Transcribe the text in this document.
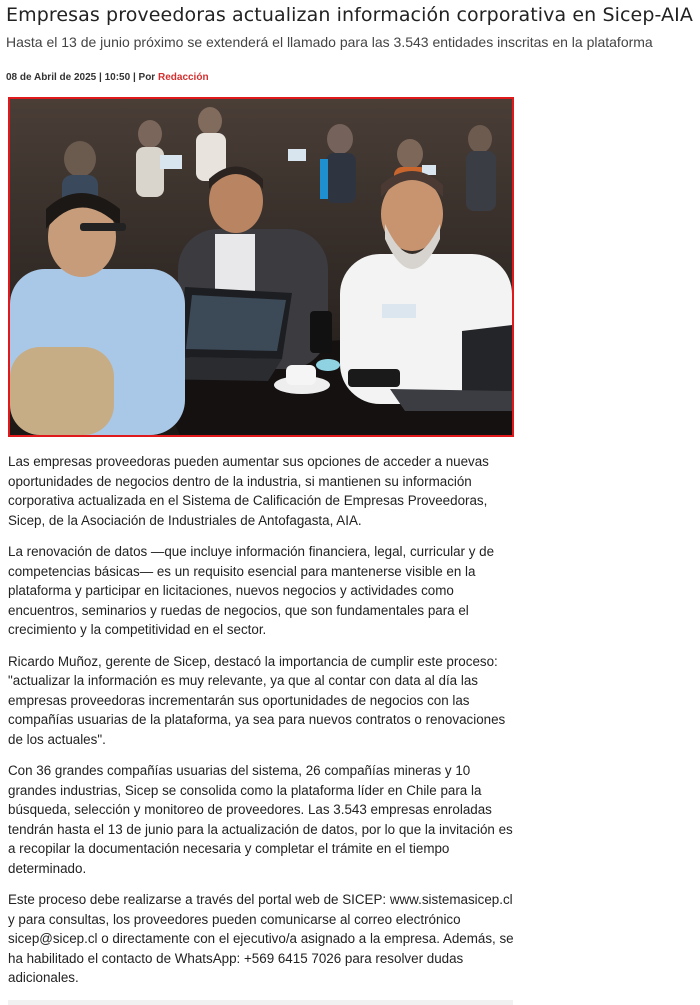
Empresas proveedoras actualizan información corporativa en Sicep-AIA

Hasta el 13 de junio próximo se extenderá el llamado para las 3.543 entidades inscritas en la plataforma

08 de Abril de 2025 | 10:50 | Por Redacción

Las empresas proveedoras pueden aumentar sus opciones de acceder a nuevas oportunidades de negocios dentro de la industria, si mantienen su información corporativa actualizada en el Sistema de Calificación de Empresas Proveedoras, Sicep, de la Asociación de Industriales de Antofagasta, AIA.

La renovación de datos —que incluye información financiera, legal, curricular y de competencias básicas— es un requisito esencial para mantenerse visible en la plataforma y participar en licitaciones, nuevos negocios y actividades como encuentros, seminarios y ruedas de negocios, que son fundamentales para el crecimiento y la competitividad en el sector.

Ricardo Muñoz, gerente de Sicep, destacó la importancia de cumplir este proceso: "actualizar la información es muy relevante, ya que al contar con data al día las empresas proveedoras incrementarán sus oportunidades de negocios con las compañías usuarias de la plataforma, ya sea para nuevos contratos o renovaciones de los actuales".

Con 36 grandes compañías usuarias del sistema, 26 compañías mineras y 10 grandes industrias, Sicep se consolida como la plataforma líder en Chile para la búsqueda, selección y monitoreo de proveedores. Las 3.543 empresas enroladas tendrán hasta el 13 de junio para la actualización de datos, por lo que la invitación es a recopilar la documentación necesaria y completar el trámite en el tiempo determinado.

Este proceso debe realizarse a través del portal web de SICEP: www.sistemasicep.cl y para consultas, los proveedores pueden comunicarse al correo electrónico sicep@sicep.cl o directamente con el ejecutivo/a asignado a la empresa. Además, se ha habilitado el contacto de WhatsApp: +569 6415 7026 para resolver dudas adicionales.
